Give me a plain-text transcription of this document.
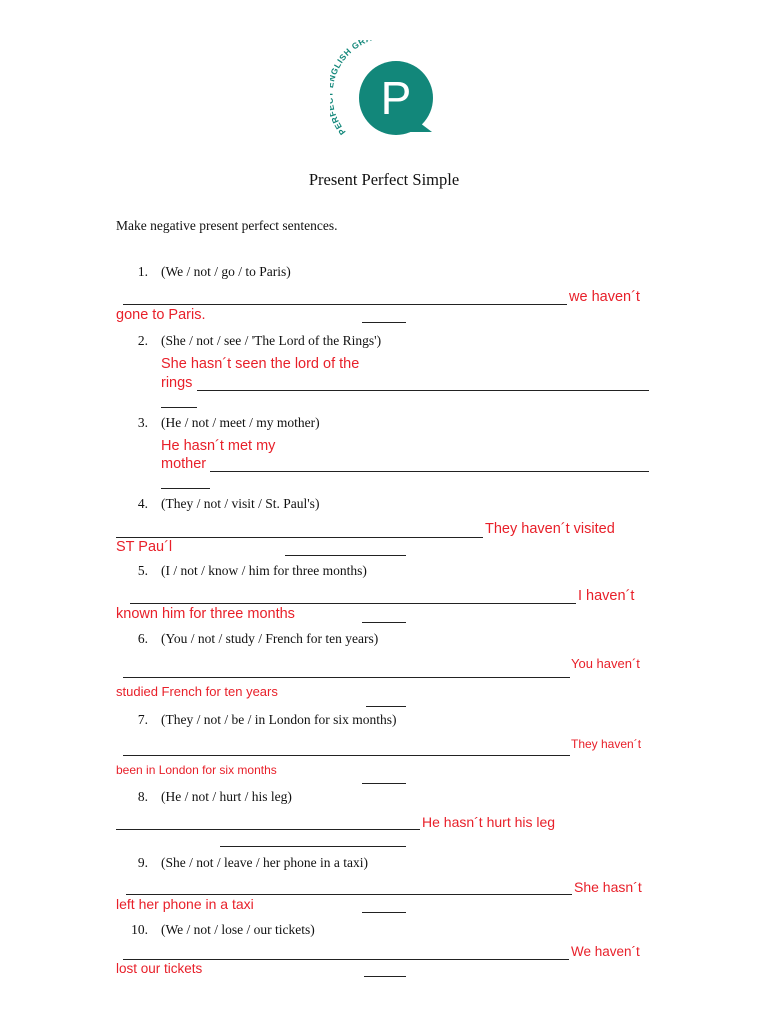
PER LISH GR
P
Present Perfect Simple
Make negative present perfect sentences.
1. (We / not / go / to Paris)
we haven´t
gone to Paris.
2. (She / not / see / 'The Lord of the Rings')
She hasn´t seen the lord of the
rings
3. (He / not / meet / my mother)
He hasn´t met my
mother
4. (They / not / visit / St. Paul's)
They haven´t visited
ST Pau´l
5. (I / not / know / him for three months)
I haven´t
known him for three months
6. (You / not / study / French for ten years)
You haven´t
studied French for ten years
7. (They / not / be / in London for six months)
They haven´t
been in London for six months
8. (He / not / hurt / his leg)
He hasn´t hurt his leg
9. (She / not / leave / her phone in a taxi)
She hasn´t
left her phone in a taxi
10. (We / not / lose / our tickets)
We haven´t
lost our tickets
